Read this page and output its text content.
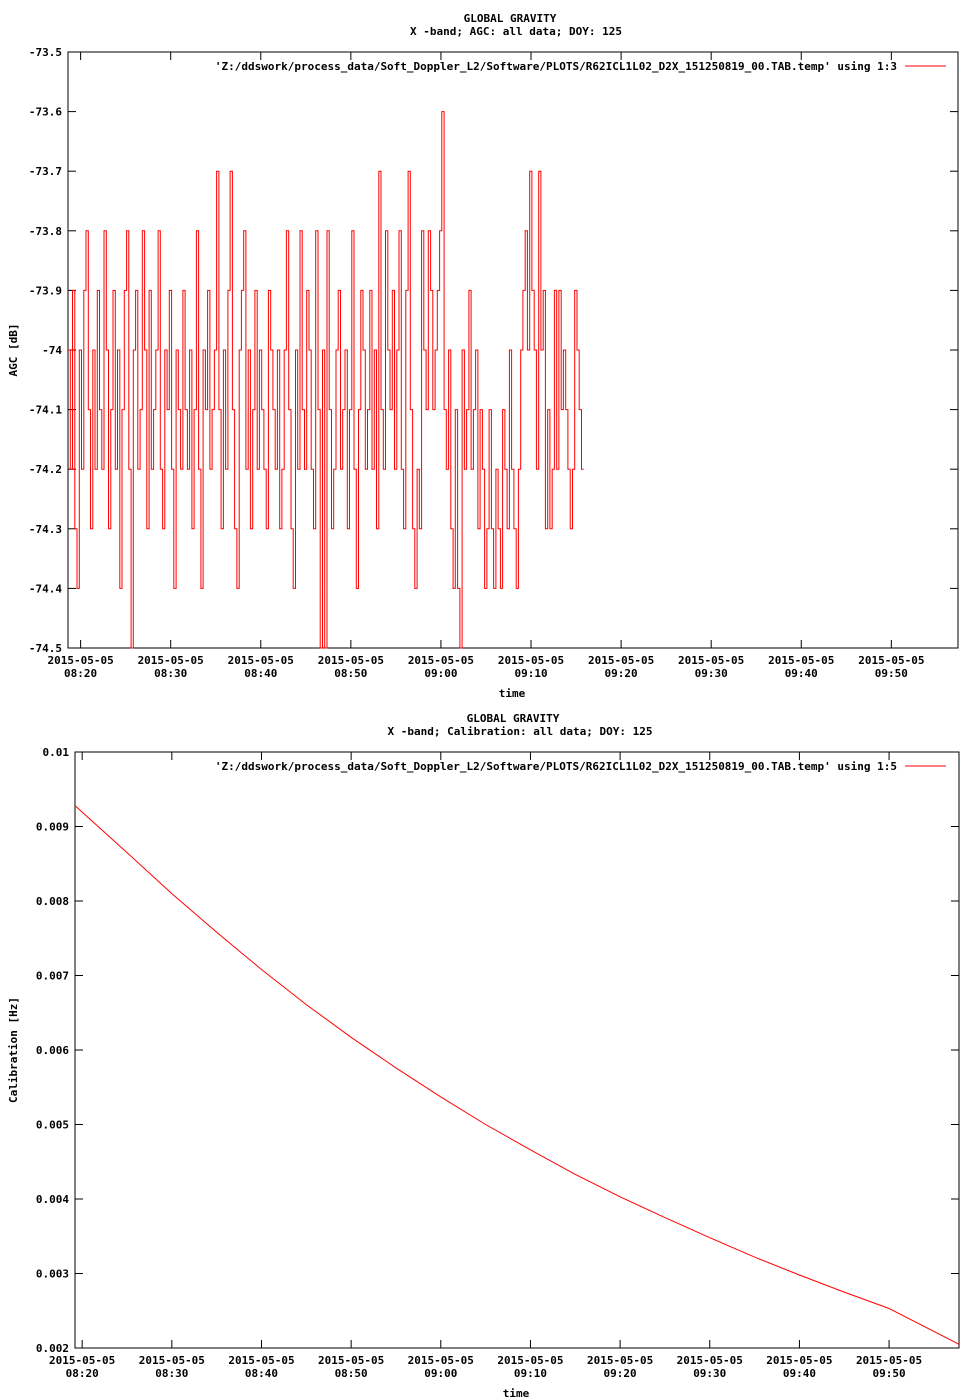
GLOBAL GRAVITY
X -band; AGC: all data; DOY: 125
-73.5
-73.6
-73.7
-73.8
-73.9
-74
-74.1
-74.2
-74.3
-74.4
-74.5
2015-05-05
08:20
2015-05-05
08:30
2015-05-05
08:40
2015-05-05
08:50
2015-05-05
09:00
2015-05-05
09:10
2015-05-05
09:20
2015-05-05
09:30
2015-05-05
09:40
2015-05-05
09:50
'Z:/ddswork/process_data/Soft_Doppler_L2/Software/PLOTS/R62ICL1L02_D2X_151250819_00.TAB.temp' using 1:3
time
AGC [dB]
GLOBAL GRAVITY
X -band; Calibration: all data; DOY: 125
0.01
0.009
0.008
0.007
0.006
0.005
0.004
0.003
0.002
2015-05-05
08:20
2015-05-05
08:30
2015-05-05
08:40
2015-05-05
08:50
2015-05-05
09:00
2015-05-05
09:10
2015-05-05
09:20
2015-05-05
09:30
2015-05-05
09:40
2015-05-05
09:50
'Z:/ddswork/process_data/Soft_Doppler_L2/Software/PLOTS/R62ICL1L02_D2X_151250819_00.TAB.temp' using 1:5
time
Calibration [Hz]
